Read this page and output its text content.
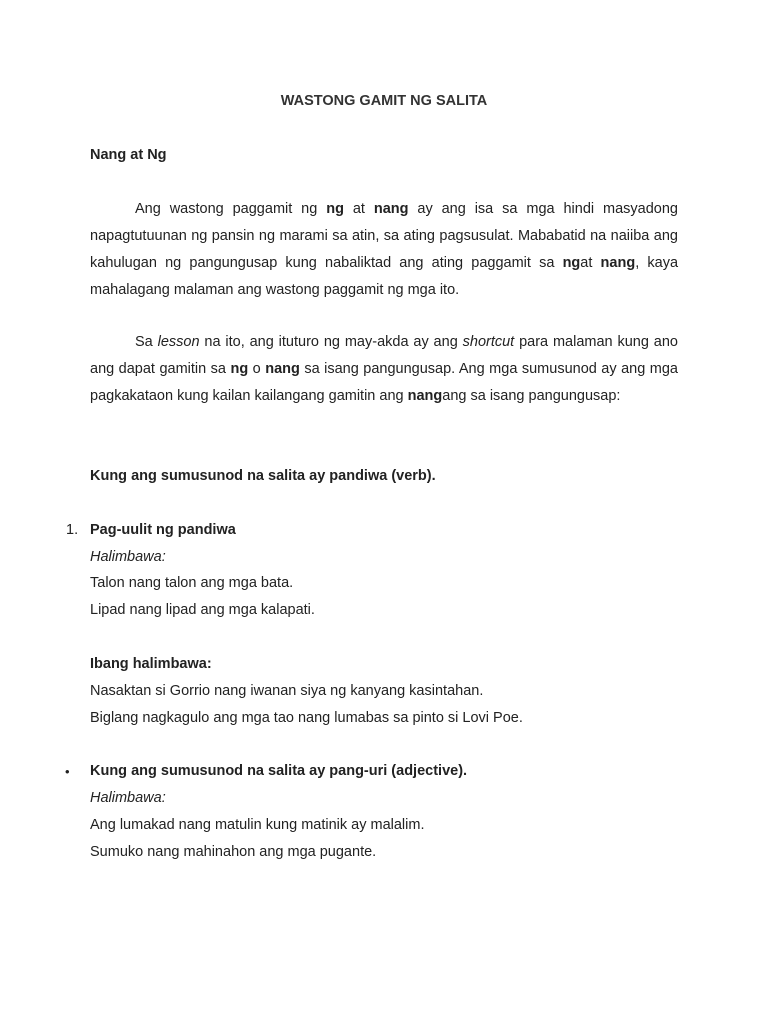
WASTONG GAMIT NG SALITA
Nang at Ng

Ang wastong paggamit ng ng at nang ay ang isa sa mga hindi masyadong napagtutuunan ng pansin ng marami sa atin, sa ating pagsusulat. Mababatid na naiiba ang kahulugan ng pangungusap kung nabaliktad ang ating paggamit sa ngat nang, kaya mahalagang malaman ang wastong paggamit ng mga ito.

Sa lesson na ito, ang ituturo ng may-akda ay ang shortcut para malaman kung ano ang dapat gamitin sa ng o nang sa isang pangungusap. Ang mga sumusunod ay ang mga pagkakataon kung kailan kailangang gamitin ang nangang sa isang pangungusap:

Kung ang sumusunod na salita ay pandiwa (verb).
1. Pag-uulit ng pandiwa
Halimbawa:
Talon nang talon ang mga bata.
Lipad nang lipad ang mga kalapati.
Ibang halimbawa:
Nasaktan si Gorrio nang iwanan siya ng kanyang kasintahan.
Biglang nagkagulo ang mga tao nang lumabas sa pinto si Lovi Poe.
• Kung ang sumusunod na salita ay pang-uri (adjective).
Halimbawa:
Ang lumakad nang matulin kung matinik ay malalim.
Sumuko nang mahinahon ang mga pugante.
